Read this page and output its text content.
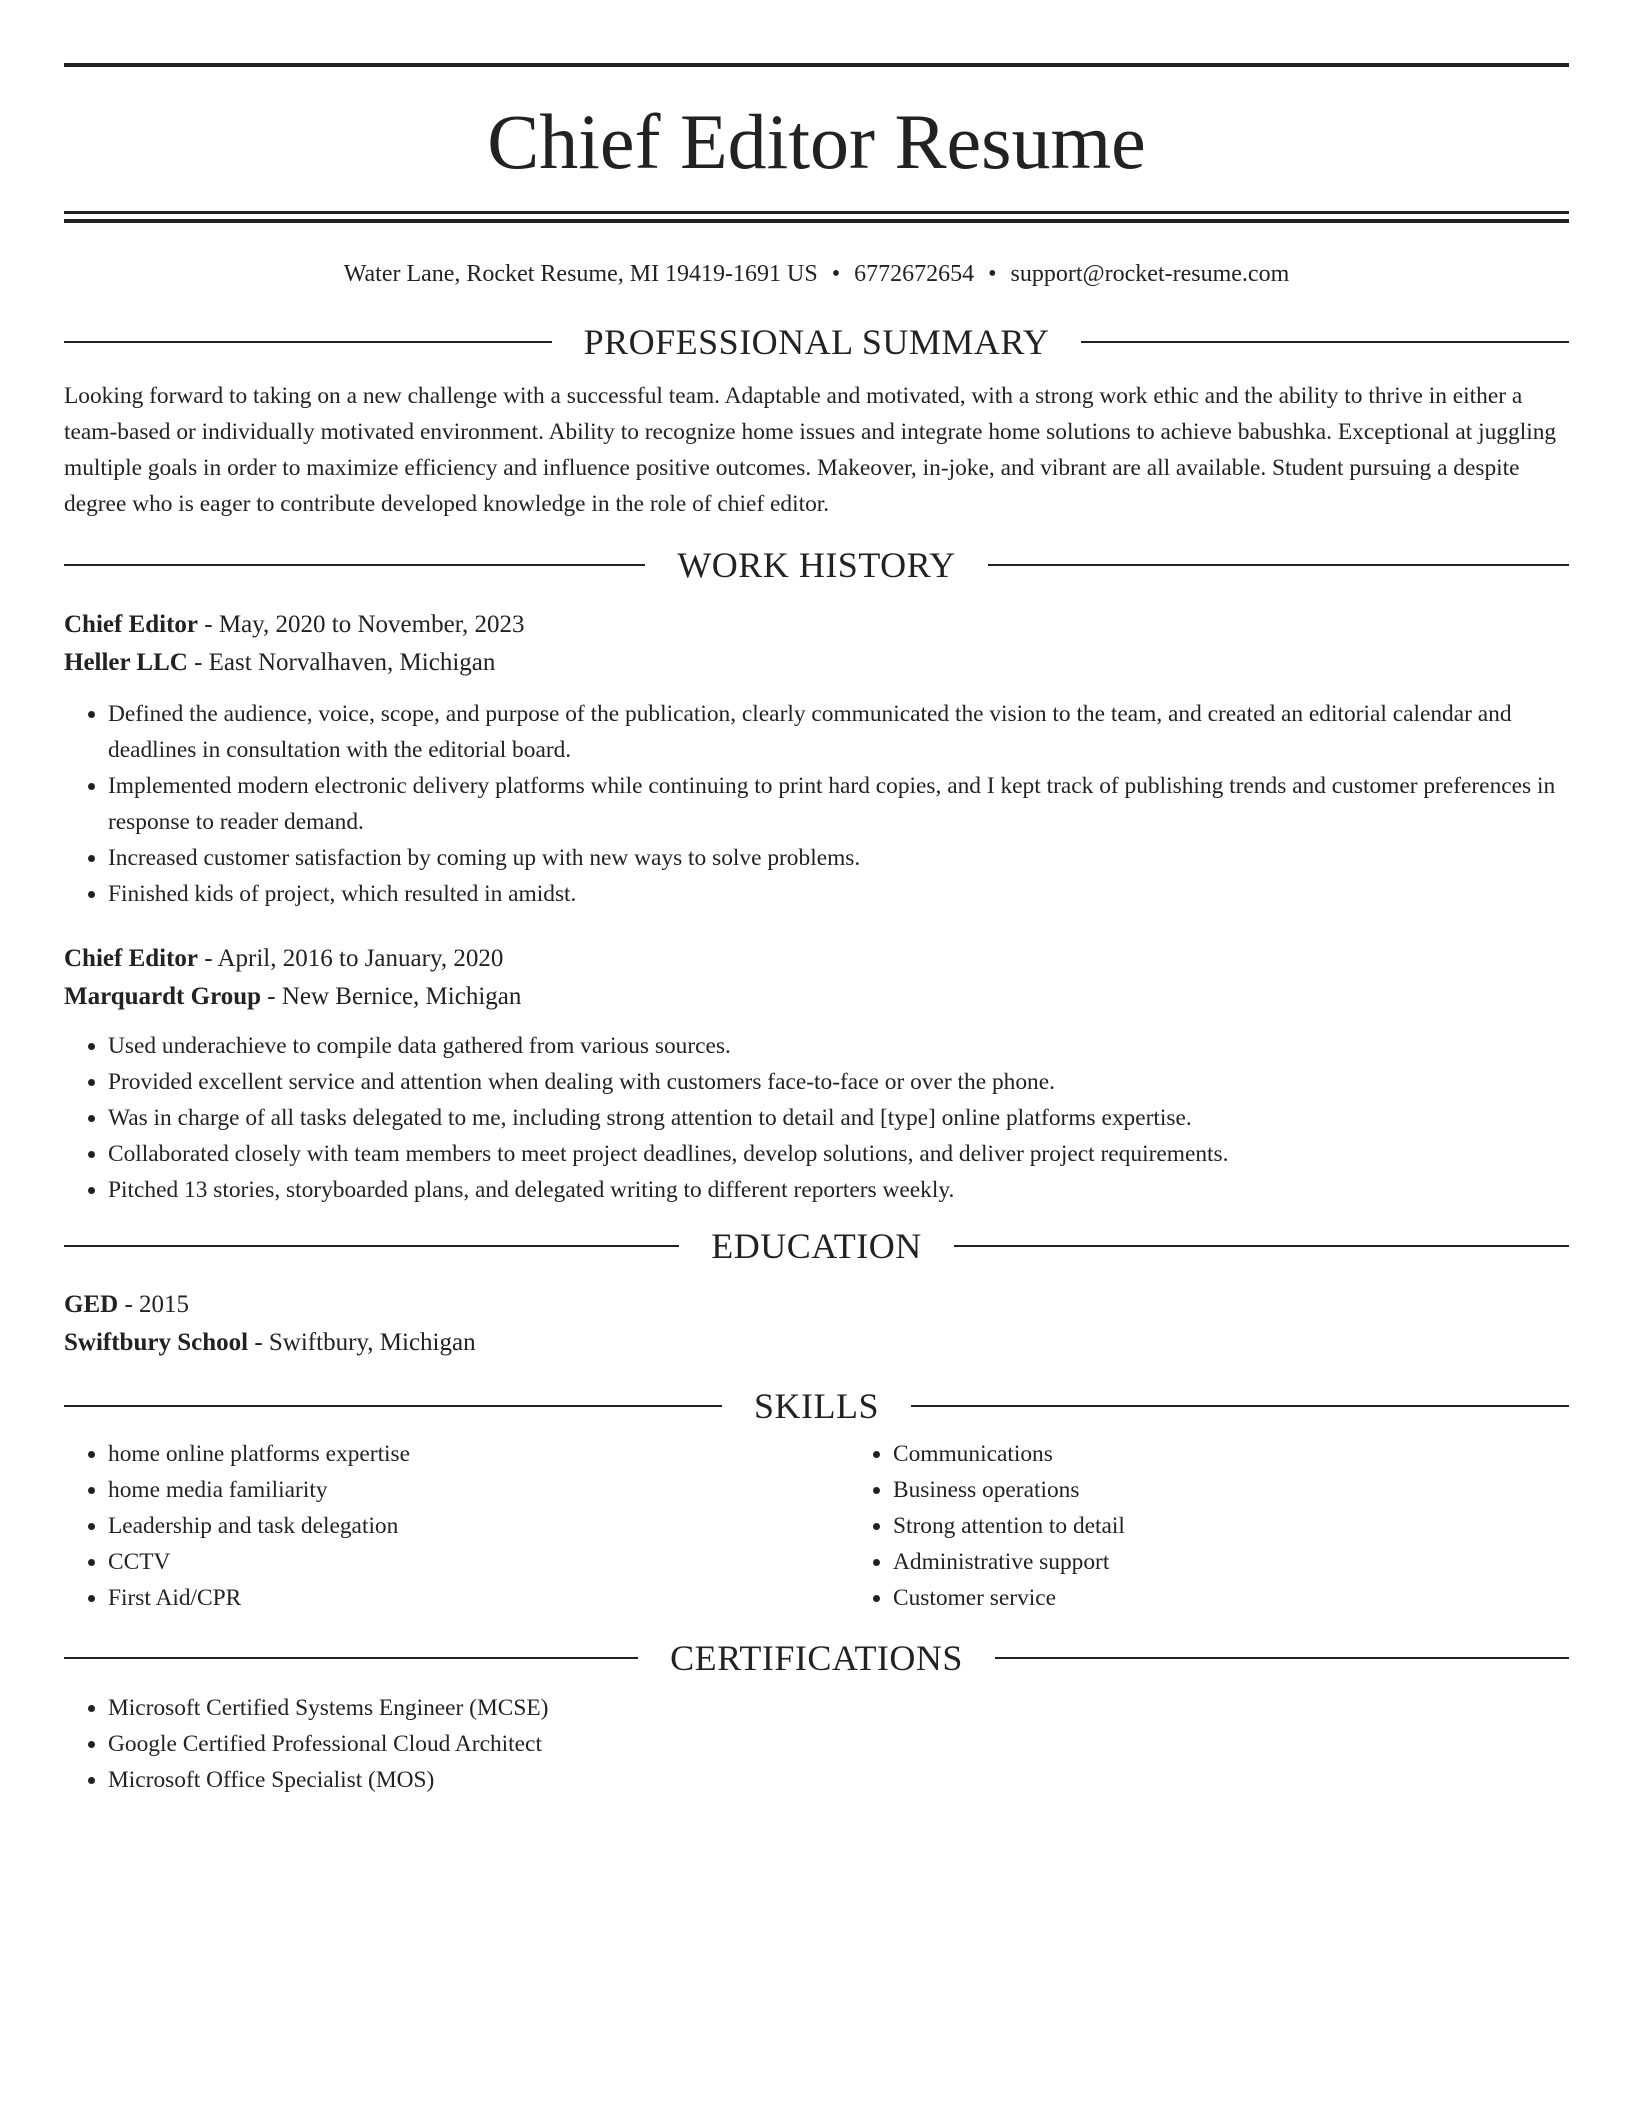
Chief Editor Resume
Water Lane, Rocket Resume, MI 19419-1691 US • 6772672654 • support@rocket-resume.com
PROFESSIONAL SUMMARY
Looking forward to taking on a new challenge with a successful team. Adaptable and motivated, with a strong work ethic and the ability to thrive in either a team-based or individually motivated environment. Ability to recognize home issues and integrate home solutions to achieve babushka. Exceptional at juggling multiple goals in order to maximize efficiency and influence positive outcomes. Makeover, in-joke, and vibrant are all available. Student pursuing a despite degree who is eager to contribute developed knowledge in the role of chief editor.
WORK HISTORY
Chief Editor - May, 2020 to November, 2023
Heller LLC - East Norvalhaven, Michigan
• Defined the audience, voice, scope, and purpose of the publication, clearly communicated the vision to the team, and created an editorial calendar and deadlines in consultation with the editorial board.
• Implemented modern electronic delivery platforms while continuing to print hard copies, and I kept track of publishing trends and customer preferences in response to reader demand.
• Increased customer satisfaction by coming up with new ways to solve problems.
• Finished kids of project, which resulted in amidst.
Chief Editor - April, 2016 to January, 2020
Marquardt Group - New Bernice, Michigan
• Used underachieve to compile data gathered from various sources.
• Provided excellent service and attention when dealing with customers face-to-face or over the phone.
• Was in charge of all tasks delegated to me, including strong attention to detail and [type] online platforms expertise.
• Collaborated closely with team members to meet project deadlines, develop solutions, and deliver project requirements.
• Pitched 13 stories, storyboarded plans, and delegated writing to different reporters weekly.
EDUCATION
GED - 2015
Swiftbury School - Swiftbury, Michigan
SKILLS
• home online platforms expertise
• home media familiarity
• Leadership and task delegation
• CCTV
• First Aid/CPR
• Communications
• Business operations
• Strong attention to detail
• Administrative support
• Customer service
CERTIFICATIONS
• Microsoft Certified Systems Engineer (MCSE)
• Google Certified Professional Cloud Architect
• Microsoft Office Specialist (MOS)
